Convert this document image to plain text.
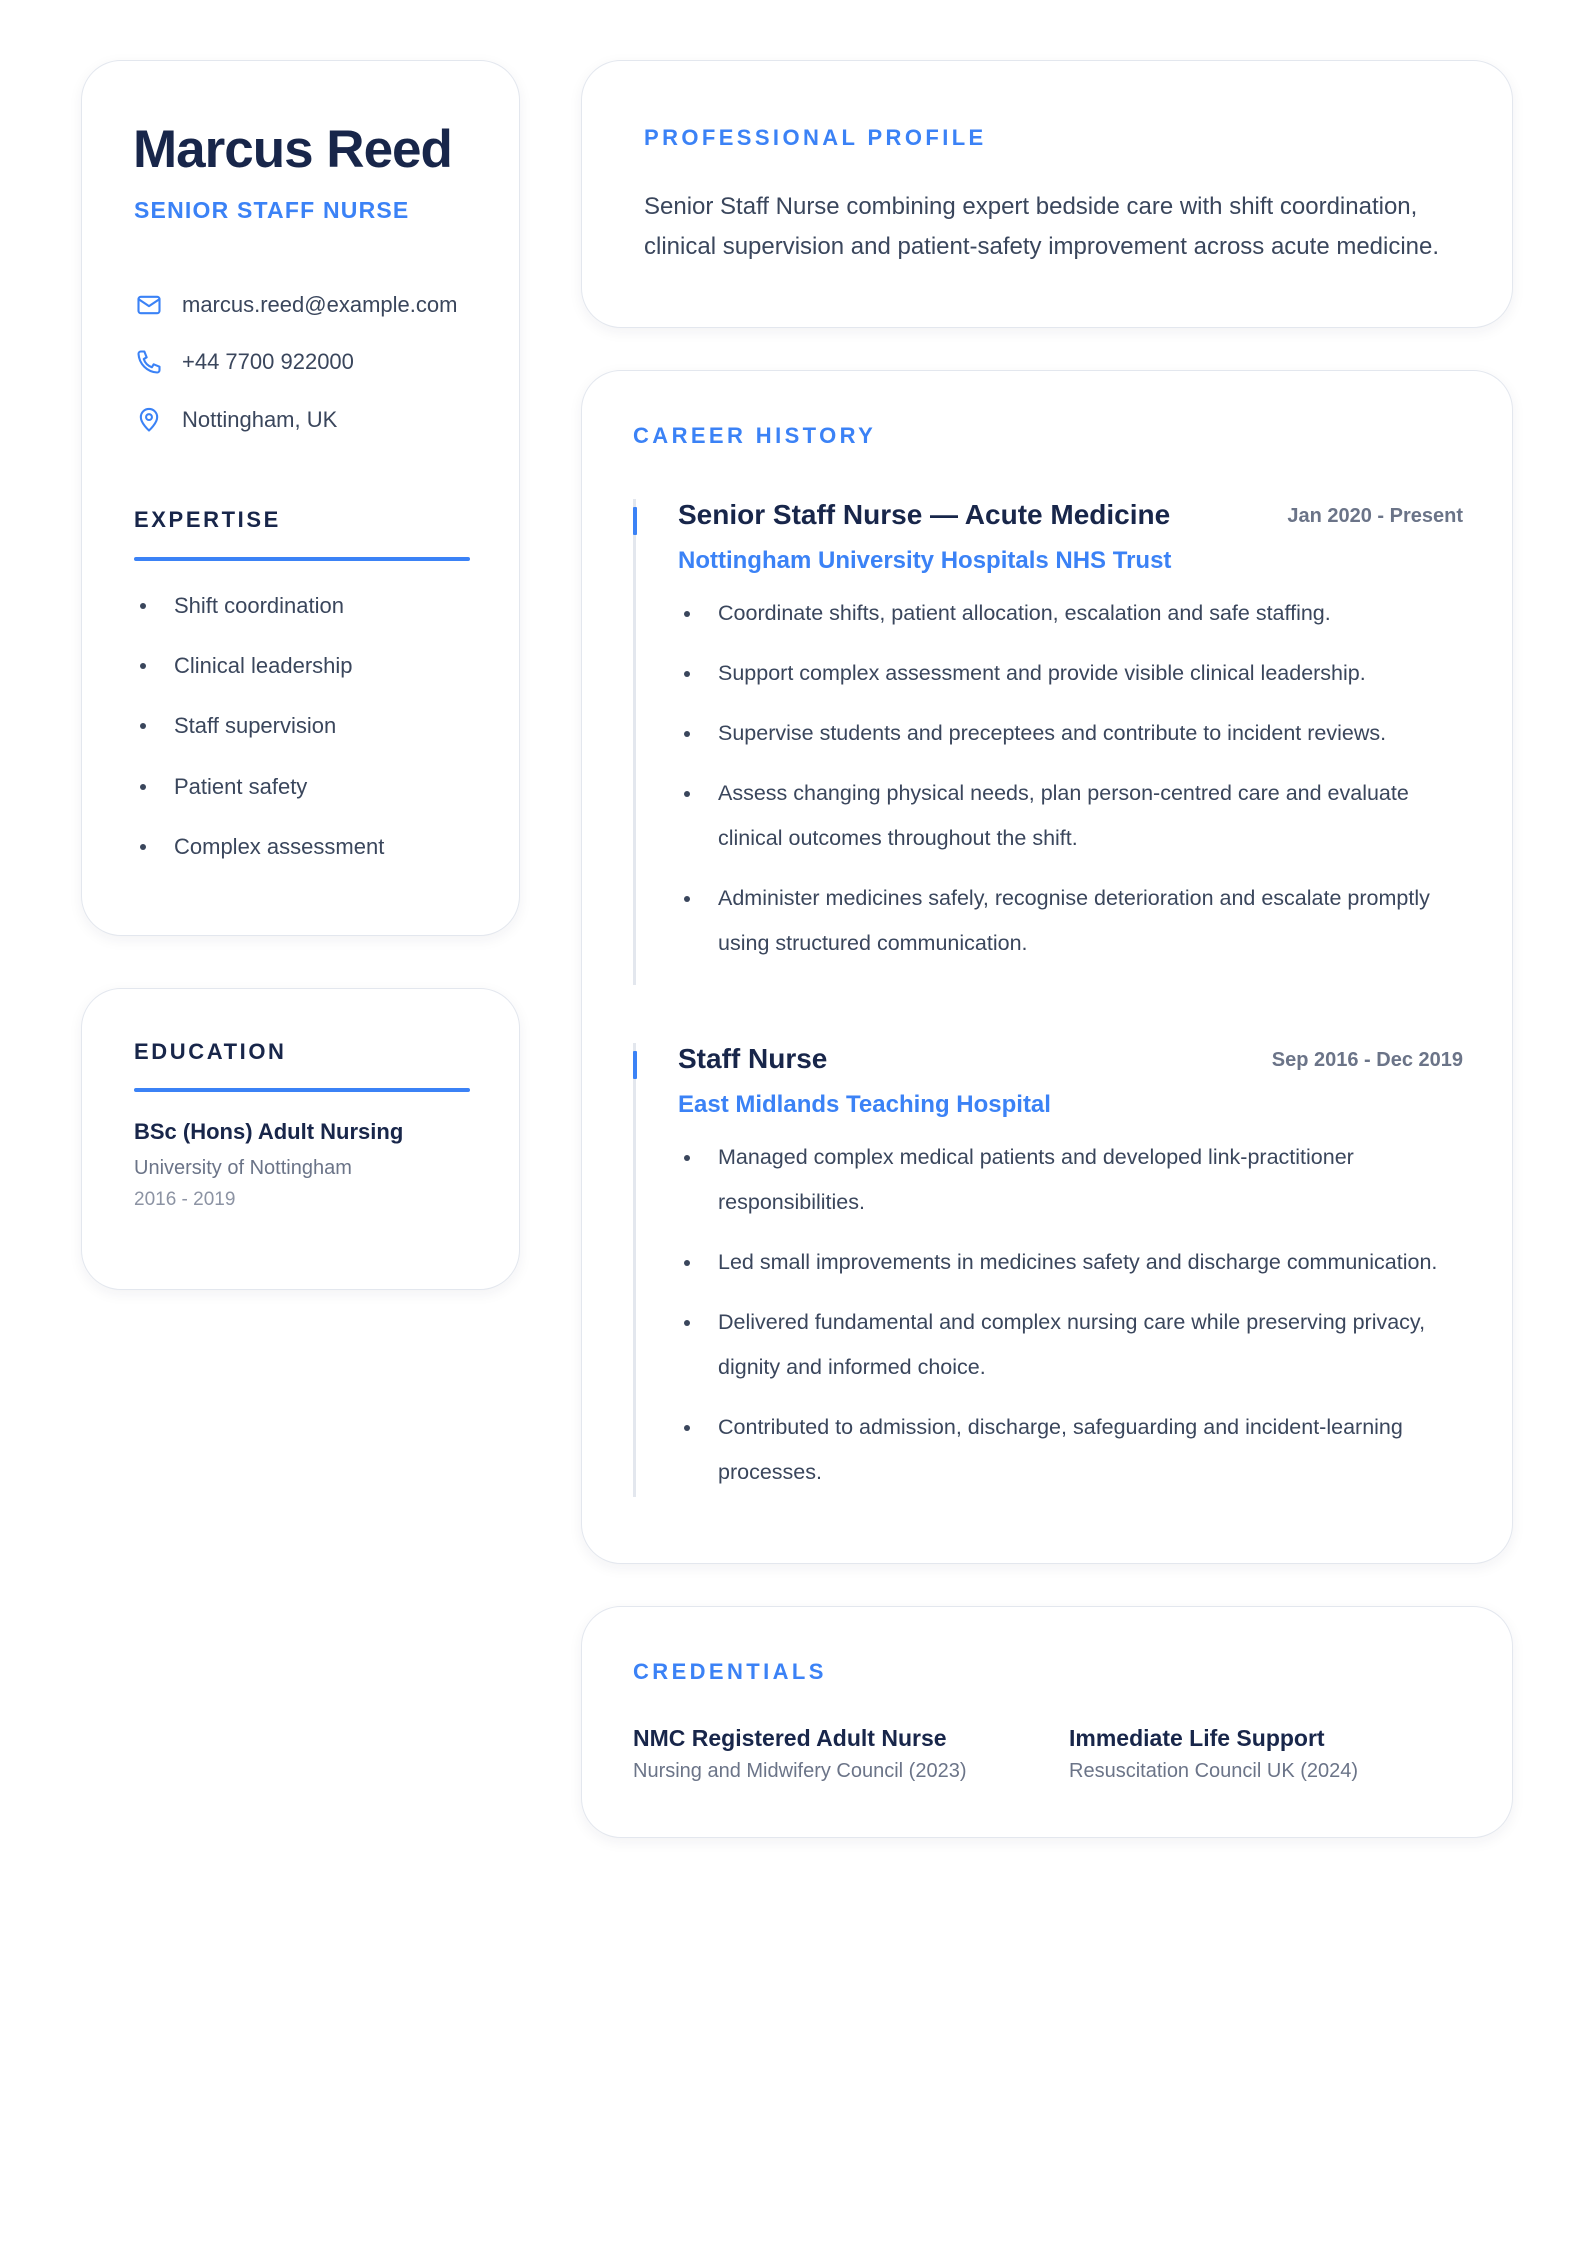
Marcus Reed
SENIOR STAFF NURSE
marcus.reed@example.com
+44 7700 922000
Nottingham, UK
EXPERTISE
Shift coordination
Clinical leadership
Staff supervision
Patient safety
Complex assessment
EDUCATION
BSc (Hons) Adult Nursing
University of Nottingham
2016 - 2019
PROFESSIONAL PROFILE
Senior Staff Nurse combining expert bedside care with shift coordination, clinical supervision and patient-safety improvement across acute medicine.
CAREER HISTORY
Senior Staff Nurse — Acute Medicine	Jan 2020 - Present
Nottingham University Hospitals NHS Trust
Coordinate shifts, patient allocation, escalation and safe staffing.
Support complex assessment and provide visible clinical leadership.
Supervise students and preceptees and contribute to incident reviews.
Assess changing physical needs, plan person-centred care and evaluate clinical outcomes throughout the shift.
Administer medicines safely, recognise deterioration and escalate promptly using structured communication.
Staff Nurse	Sep 2016 - Dec 2019
East Midlands Teaching Hospital
Managed complex medical patients and developed link-practitioner responsibilities.
Led small improvements in medicines safety and discharge communication.
Delivered fundamental and complex nursing care while preserving privacy, dignity and informed choice.
Contributed to admission, discharge, safeguarding and incident-learning processes.
CREDENTIALS
NMC Registered Adult Nurse
Nursing and Midwifery Council (2023)
Immediate Life Support
Resuscitation Council UK (2024)
